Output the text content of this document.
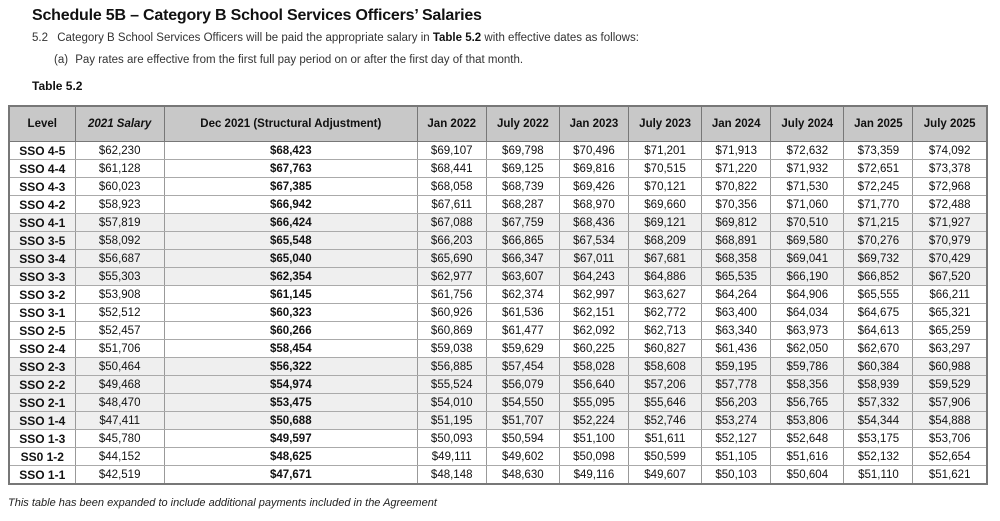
Schedule 5B – Category B School Services Officers’ Salaries
5.2 Category B School Services Officers will be paid the appropriate salary in Table 5.2 with effective dates as follows:
(a) Pay rates are effective from the first full pay period on or after the first day of that month.
Table 5.2
Level	2021 Salary	Dec 2021 (Structural Adjustment)	Jan 2022	July 2022	Jan 2023	July 2023	Jan 2024	July 2024	Jan 2025	July 2025
SSO 4-5	$62,230	$68,423	$69,107	$69,798	$70,496	$71,201	$71,913	$72,632	$73,359	$74,092
SSO 4-4	$61,128	$67,763	$68,441	$69,125	$69,816	$70,515	$71,220	$71,932	$72,651	$73,378
SSO 4-3	$60,023	$67,385	$68,058	$68,739	$69,426	$70,121	$70,822	$71,530	$72,245	$72,968
SSO 4-2	$58,923	$66,942	$67,611	$68,287	$68,970	$69,660	$70,356	$71,060	$71,770	$72,488
SSO 4-1	$57,819	$66,424	$67,088	$67,759	$68,436	$69,121	$69,812	$70,510	$71,215	$71,927
SSO 3-5	$58,092	$65,548	$66,203	$66,865	$67,534	$68,209	$68,891	$69,580	$70,276	$70,979
SSO 3-4	$56,687	$65,040	$65,690	$66,347	$67,011	$67,681	$68,358	$69,041	$69,732	$70,429
SSO 3-3	$55,303	$62,354	$62,977	$63,607	$64,243	$64,886	$65,535	$66,190	$66,852	$67,520
SSO 3-2	$53,908	$61,145	$61,756	$62,374	$62,997	$63,627	$64,264	$64,906	$65,555	$66,211
SSO 3-1	$52,512	$60,323	$60,926	$61,536	$62,151	$62,772	$63,400	$64,034	$64,675	$65,321
SSO 2-5	$52,457	$60,266	$60,869	$61,477	$62,092	$62,713	$63,340	$63,973	$64,613	$65,259
SSO 2-4	$51,706	$58,454	$59,038	$59,629	$60,225	$60,827	$61,436	$62,050	$62,670	$63,297
SSO 2-3	$50,464	$56,322	$56,885	$57,454	$58,028	$58,608	$59,195	$59,786	$60,384	$60,988
SSO 2-2	$49,468	$54,974	$55,524	$56,079	$56,640	$57,206	$57,778	$58,356	$58,939	$59,529
SSO 2-1	$48,470	$53,475	$54,010	$54,550	$55,095	$55,646	$56,203	$56,765	$57,332	$57,906
SSO 1-4	$47,411	$50,688	$51,195	$51,707	$52,224	$52,746	$53,274	$53,806	$54,344	$54,888
SSO 1-3	$45,780	$49,597	$50,093	$50,594	$51,100	$51,611	$52,127	$52,648	$53,175	$53,706
SS0 1-2	$44,152	$48,625	$49,111	$49,602	$50,098	$50,599	$51,105	$51,616	$52,132	$52,654
SSO 1-1	$42,519	$47,671	$48,148	$48,630	$49,116	$49,607	$50,103	$50,604	$51,110	$51,621
This table has been expanded to include additional payments included in the Agreement
